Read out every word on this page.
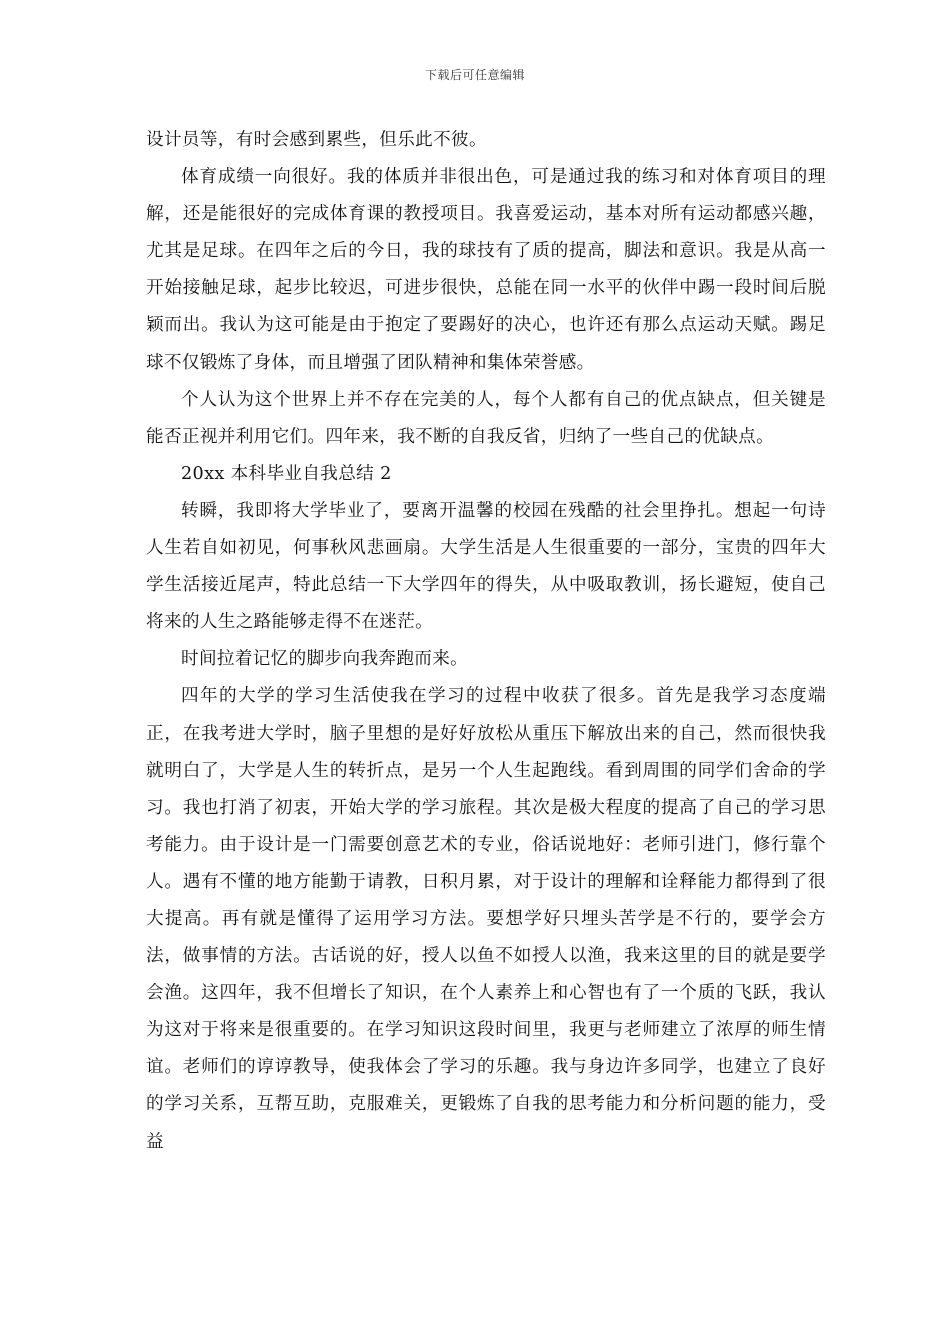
下载后可任意编辑

设计员等，有时会感到累些，但乐此不彼。

体育成绩一向很好。我的体质并非很出色，可是通过我的练习和对体育项目的理解，还是能很好的完成体育课的教授项目。我喜爱运动，基本对所有运动都感兴趣，尤其是足球。在四年之后的今日，我的球技有了质的提高，脚法和意识。我是从高一开始接触足球，起步比较迟，可进步很快，总能在同一水平的伙伴中踢一段时间后脱颖而出。我认为这可能是由于抱定了要踢好的决心，也许还有那么点运动天赋。踢足球不仅锻炼了身体，而且增强了团队精神和集体荣誉感。

个人认为这个世界上并不存在完美的人，每个人都有自己的优点缺点，但关键是能否正视并利用它们。四年来，我不断的自我反省，归纳了一些自己的优缺点。

20xx 本科毕业自我总结 2

转瞬，我即将大学毕业了，要离开温馨的校园在残酷的社会里挣扎。想起一句诗人生若自如初见，何事秋风悲画扇。大学生活是人生很重要的一部分，宝贵的四年大学生活接近尾声，特此总结一下大学四年的得失，从中吸取教训，扬长避短，使自己将来的人生之路能够走得不在迷茫。

时间拉着记忆的脚步向我奔跑而来。

四年的大学的学习生活使我在学习的过程中收获了很多。首先是我学习态度端正，在我考进大学时，脑子里想的是好好放松从重压下解放出来的自己，然而很快我就明白了，大学是人生的转折点，是另一个人生起跑线。看到周围的同学们舍命的学习。我也打消了初衷，开始大学的学习旅程。其次是极大程度的提高了自己的学习思考能力。由于设计是一门需要创意艺术的专业，俗话说地好：老师引进门，修行靠个人。遇有不懂的地方能勤于请教，日积月累，对于设计的理解和诠释能力都得到了很大提高。再有就是懂得了运用学习方法。要想学好只埋头苦学是不行的，要学会方法，做事情的方法。古话说的好，授人以鱼不如授人以渔，我来这里的目的就是要学会渔。这四年，我不但增长了知识，在个人素养上和心智也有了一个质的飞跃，我认为这对于将来是很重要的。在学习知识这段时间里，我更与老师建立了浓厚的师生情谊。老师们的谆谆教导，使我体会了学习的乐趣。我与身边许多同学，也建立了良好的学习关系，互帮互助，克服难关，更锻炼了自我的思考能力和分析问题的能力，受益
